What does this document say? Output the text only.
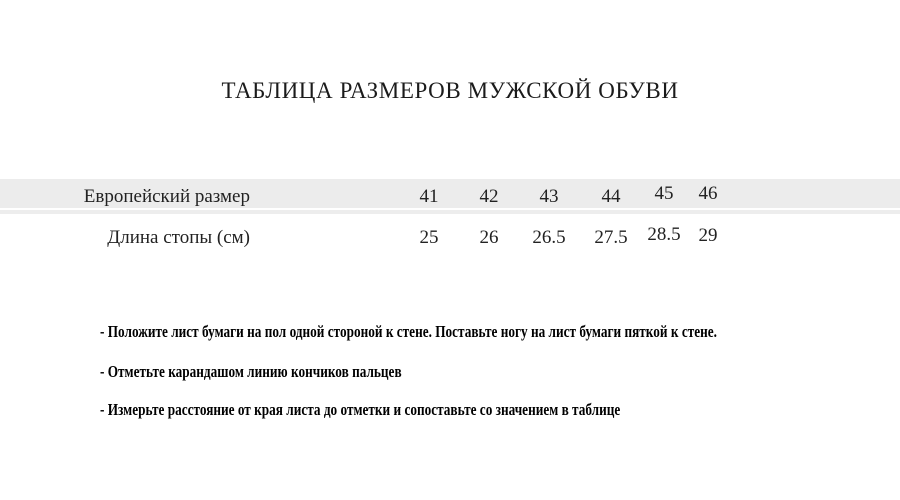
ТАБЛИЦА РАЗМЕРОВ МУЖСКОЙ ОБУВИ
Европейский размер	41 42 43 44 45 46
Длина стопы (см)	25 26 26.5 27.5 28.5 29

- Положите лист бумаги на пол одной стороной к стене. Поставьте ногу на лист бумаги пяткой к стене.

- Отметьте карандашом линию кончиков пальцев

- Измерьте расстояние от края листа до отметки и сопоставьте со значением в таблице
